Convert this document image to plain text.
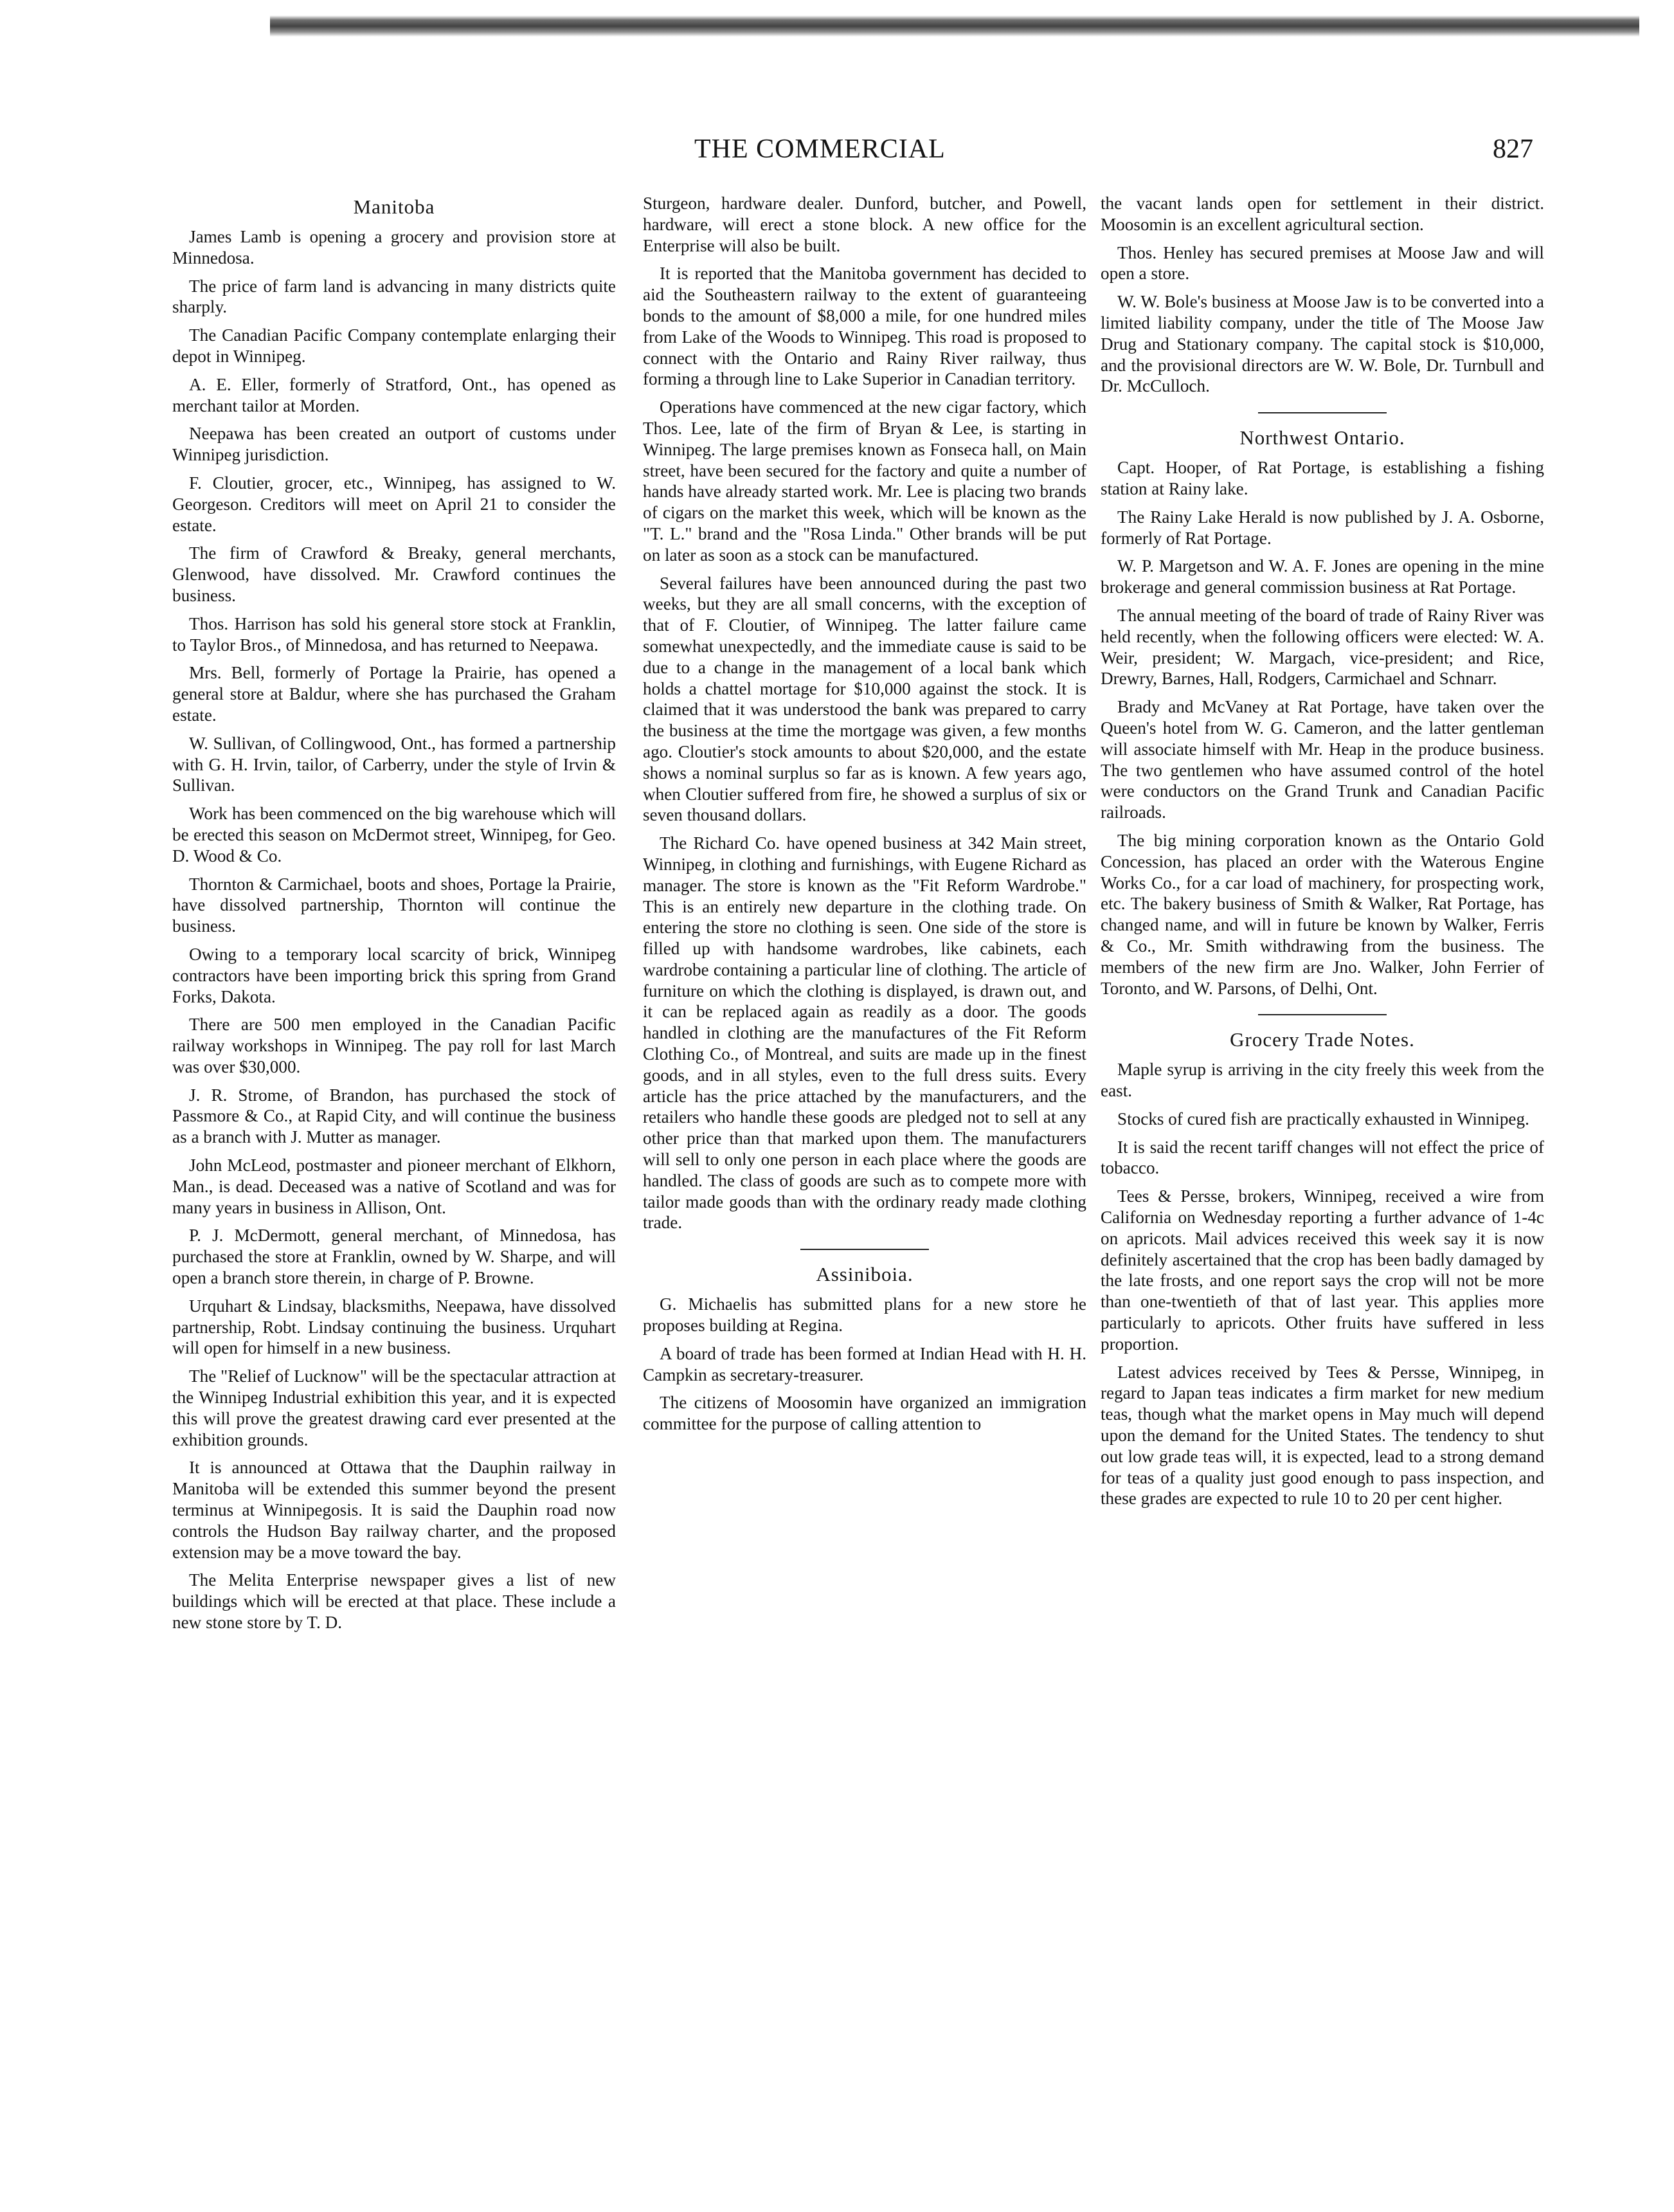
THE COMMERCIAL	827
Manitoba

James Lamb is opening a grocery and provision store at Minnedosa.

The price of farm land is advancing in many districts quite sharply.

The Canadian Pacific Company contemplate enlarging their depot in Winnipeg.

A. E. Eller, formerly of Stratford, Ont., has opened as merchant tailor at Morden.

Neepawa has been created an outport of customs under Winnipeg jurisdiction.

F. Cloutier, grocer, etc., Winnipeg, has assigned to W. Georgeson. Creditors will meet on April 21 to consider the estate.

The firm of Crawford & Breaky, general merchants, Glenwood, have dissolved. Mr. Crawford continues the business.

Thos. Harrison has sold his general store stock at Franklin, to Taylor Bros., of Minnedosa, and has returned to Neepawa.

Mrs. Bell, formerly of Portage la Prairie, has opened a general store at Baldur, where she has purchased the Graham estate.

W. Sullivan, of Collingwood, Ont., has formed a partnership with G. H. Irvin, tailor, of Carberry, under the style of Irvin & Sullivan.

Work has been commenced on the big warehouse which will be erected this season on McDermot street, Winnipeg, for Geo. D. Wood & Co.

Thornton & Carmichael, boots and shoes, Portage la Prairie, have dissolved partnership, Thornton will continue the business.

Owing to a temporary local scarcity of brick, Winnipeg contractors have been importing brick this spring from Grand Forks, Dakota.

There are 500 men employed in the Canadian Pacific railway workshops in Winnipeg. The pay roll for last March was over $30,000.

J. R. Strome, of Brandon, has purchased the stock of Passmore & Co., at Rapid City, and will continue the business as a branch with J. Mutter as manager.

John McLeod, postmaster and pioneer merchant of Elkhorn, Man., is dead. Deceased was a native of Scotland and was for many years in business in Allison, Ont.

P. J. McDermott, general merchant, of Minnedosa, has purchased the store at Franklin, owned by W. Sharpe, and will open a branch store therein, in charge of P. Browne.

Urquhart & Lindsay, blacksmiths, Neepawa, have dissolved partnership, Robt. Lindsay continuing the business. Urquhart will open for himself in a new business.

The "Relief of Lucknow" will be the spectacular attraction at the Winnipeg Industrial exhibition this year, and it is expected this will prove the greatest drawing card ever presented at the exhibition grounds.

It is announced at Ottawa that the Dauphin railway in Manitoba will be extended this summer beyond the present terminus at Winnipegosis. It is said the Dauphin road now controls the Hudson Bay railway charter, and the proposed extension may be a move toward the bay.

The Melita Enterprise newspaper gives a list of new buildings which will be erected at that place. These include a new stone store by T. D.

Sturgeon, hardware dealer. Dunford, butcher, and Powell, hardware, will erect a stone block. A new office for the Enterprise will also be built.

It is reported that the Manitoba government has decided to aid the Southeastern railway to the extent of guaranteeing bonds to the amount of $8,000 a mile, for one hundred miles from Lake of the Woods to Winnipeg. This road is proposed to connect with the Ontario and Rainy River railway, thus forming a through line to Lake Superior in Canadian territory.

Operations have commenced at the new cigar factory, which Thos. Lee, late of the firm of Bryan & Lee, is starting in Winnipeg. The large premises known as Fonseca hall, on Main street, have been secured for the factory and quite a number of hands have already started work. Mr. Lee is placing two brands of cigars on the market this week, which will be known as the "T. L." brand and the "Rosa Linda." Other brands will be put on later as soon as a stock can be manufactured.

Several failures have been announced during the past two weeks, but they are all small concerns, with the exception of that of F. Cloutier, of Winnipeg. The latter failure came somewhat unexpectedly, and the immediate cause is said to be due to a change in the management of a local bank which holds a chattel mortage for $10,000 against the stock. It is claimed that it was understood the bank was prepared to carry the business at the time the mortgage was given, a few months ago. Cloutier's stock amounts to about $20,000, and the estate shows a nominal surplus so far as is known. A few years ago, when Cloutier suffered from fire, he showed a surplus of six or seven thousand dollars.

The Richard Co. have opened business at 342 Main street, Winnipeg, in clothing and furnishings, with Eugene Richard as manager. The store is known as the "Fit Reform Wardrobe." This is an entirely new departure in the clothing trade. On entering the store no clothing is seen. One side of the store is filled up with handsome wardrobes, like cabinets, each wardrobe containing a particular line of clothing. The article of furniture on which the clothing is displayed, is drawn out, and it can be replaced again as readily as a door. The goods handled in clothing are the manufactures of the Fit Reform Clothing Co., of Montreal, and suits are made up in the finest goods, and in all styles, even to the full dress suits. Every article has the price attached by the manufacturers, and the retailers who handle these goods are pledged not to sell at any other price than that marked upon them. The manufacturers will sell to only one person in each place where the goods are handled. The class of goods are such as to compete more with tailor made goods than with the ordinary ready made clothing trade.

Assiniboia.

G. Michaelis has submitted plans for a new store he proposes building at Regina.

A board of trade has been formed at Indian Head with H. H. Campkin as secretary-treasurer.

The citizens of Moosomin have organized an immigration committee for the purpose of calling attention to

the vacant lands open for settlement in their district. Moosomin is an excellent agricultural section.

Thos. Henley has secured premises at Moose Jaw and will open a store.

W. W. Bole's business at Moose Jaw is to be converted into a limited liability company, under the title of The Moose Jaw Drug and Stationary company. The capital stock is $10,000, and the provisional directors are W. W. Bole, Dr. Turnbull and Dr. McCulloch.

Northwest Ontario.

Capt. Hooper, of Rat Portage, is establishing a fishing station at Rainy lake.

The Rainy Lake Herald is now published by J. A. Osborne, formerly of Rat Portage.

W. P. Margetson and W. A. F. Jones are opening in the mine brokerage and general commission business at Rat Portage.

The annual meeting of the board of trade of Rainy River was held recently, when the following officers were elected: W. A. Weir, president; W. Margach, vice-president; and Rice, Drewry, Barnes, Hall, Rodgers, Carmichael and Schnarr.

Brady and McVaney at Rat Portage, have taken over the Queen's hotel from W. G. Cameron, and the latter gentleman will associate himself with Mr. Heap in the produce business. The two gentlemen who have assumed control of the hotel were conductors on the Grand Trunk and Canadian Pacific railroads.

The big mining corporation known as the Ontario Gold Concession, has placed an order with the Waterous Engine Works Co., for a car load of machinery, for prospecting work, etc. The bakery business of Smith & Walker, Rat Portage, has changed name, and will in future be known by Walker, Ferris & Co., Mr. Smith withdrawing from the business. The members of the new firm are Jno. Walker, John Ferrier of Toronto, and W. Parsons, of Delhi, Ont.

Grocery Trade Notes.

Maple syrup is arriving in the city freely this week from the east.

Stocks of cured fish are practically exhausted in Winnipeg.

It is said the recent tariff changes will not effect the price of tobacco.

Tees & Persse, brokers, Winnipeg, received a wire from California on Wednesday reporting a further advance of 1-4c on apricots. Mail advices received this week say it is now definitely ascertained that the crop has been badly damaged by the late frosts, and one report says the crop will not be more than one-twentieth of that of last year. This applies more particularly to apricots. Other fruits have suffered in less proportion.

Latest advices received by Tees & Persse, Winnipeg, in regard to Japan teas indicates a firm market for new medium teas, though what the market opens in May much will depend upon the demand for the United States. The tendency to shut out low grade teas will, it is expected, lead to a strong demand for teas of a quality just good enough to pass inspection, and these grades are expected to rule 10 to 20 per cent higher.
